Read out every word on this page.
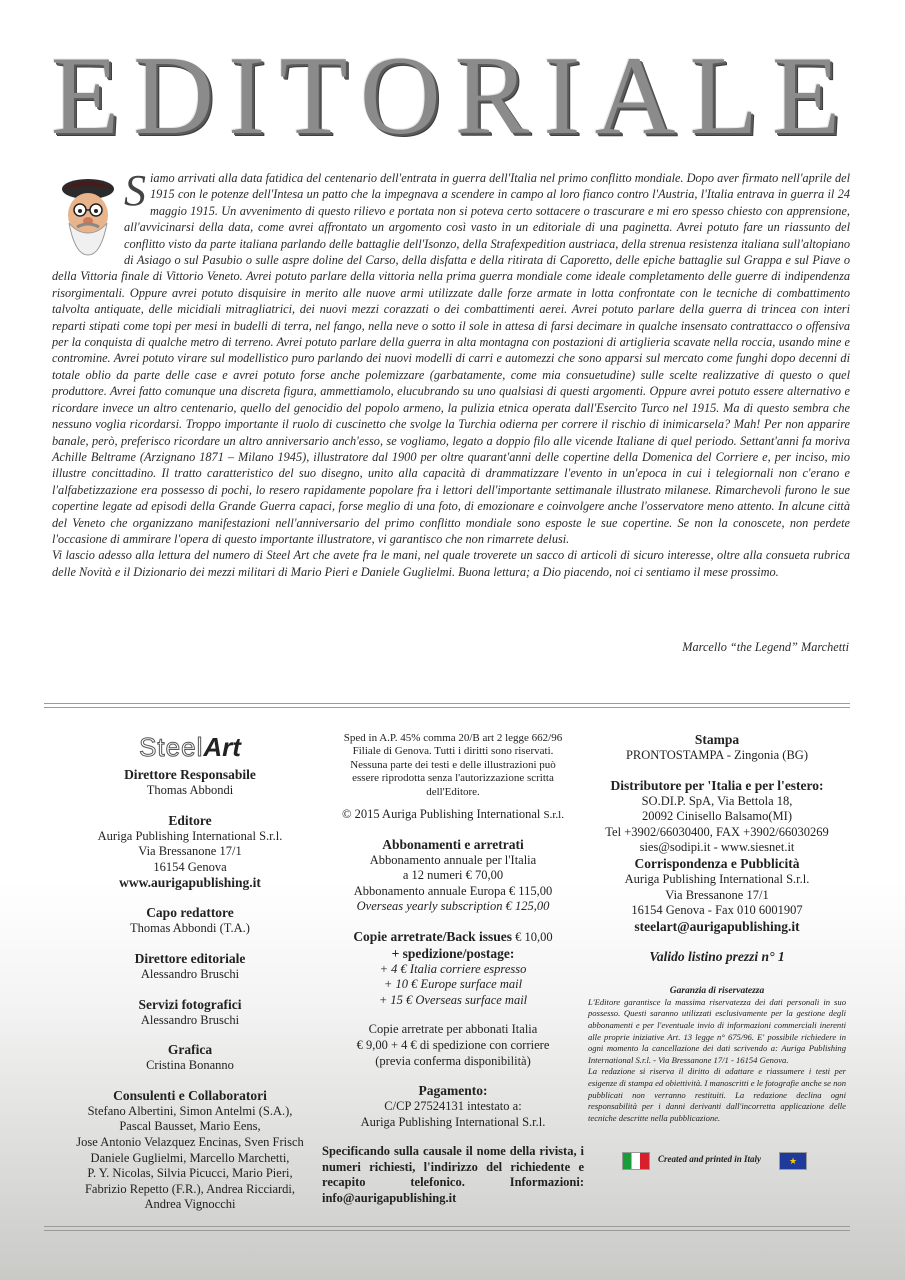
EDITORIALE
S iamo arrivati alla data fatidica del centenario dell'entrata in guerra dell'Italia nel primo conflitto mondiale. Dopo aver firmato nell'aprile del 1915 con le potenze dell'Intesa un patto che la impegnava a scendere in campo al loro fianco contro l'Austria, l'Italia entrava in guerra il 24 maggio 1915. Un avvenimento di questo rilievo e portata non si poteva certo sottacere o trascurare e mi ero spesso chiesto con apprensione, all'avvicinarsi della data, come avrei affrontato un argomento così vasto in un editoriale di una paginetta. Avrei potuto fare un riassunto del conflitto visto da parte italiana parlando delle battaglie dell'Isonzo, della Strafexpedition austriaca, della strenua resistenza italiana sull'altopiano di Asiago o sul Pasubio o sulle aspre doline del Carso, della disfatta e della ritirata di Caporetto, delle epiche battaglie sul Grappa e sul Piave o della Vittoria finale di Vittorio Veneto. Avrei potuto parlare della vittoria nella prima guerra mondiale come ideale completamento delle guerre di indipendenza risorgimentali. Oppure avrei potuto disquisire in merito alle nuove armi utilizzate dalle forze armate in lotta confrontate con le tecniche di combattimento talvolta antiquate, delle micidiali mitragliatrici, dei nuovi mezzi corazzati o dei combattimenti aerei. Avrei potuto parlare della guerra di trincea con interi reparti stipati come topi per mesi in budelli di terra, nel fango, nella neve o sotto il sole in attesa di farsi decimare in qualche insensato contrattacco o offensiva per la conquista di qualche metro di terreno. Avrei potuto parlare della guerra in alta montagna con postazioni di artiglieria scavate nella roccia, usando mine e contromine. Avrei potuto virare sul modellistico puro parlando dei nuovi modelli di carri e automezzi che sono apparsi sul mercato come funghi dopo decenni di totale oblio da parte delle case e avrei potuto forse anche polemizzare (garbatamente, come mia consuetudine) sulle scelte realizzative di questo o quel produttore. Avrei fatto comunque una discreta figura, ammettiamolo, elucubrando su uno qualsiasi di questi argomenti. Oppure avrei potuto essere alternativo e ricordare invece un altro centenario, quello del genocidio del popolo armeno, la pulizia etnica operata dall'Esercito Turco nel 1915. Ma di questo sembra che nessuno voglia ricordarsi. Troppo importante il ruolo di cuscinetto che svolge la Turchia odierna per correre il rischio di inimicarsela? Mah! Per non apparire banale, però, preferisco ricordare un altro anniversario anch'esso, se vogliamo, legato a doppio filo alle vicende Italiane di quel periodo. Settant'anni fa moriva Achille Beltrame (Arzignano 1871 – Milano 1945), illustratore dal 1900 per oltre quarant'anni delle copertine della Domenica del Corriere e, per inciso, mio illustre concittadino. Il tratto caratteristico del suo disegno, unito alla capacità di drammatizzare l'evento in un'epoca in cui i telegiornali non c'erano e l'alfabetizzazione era possesso di pochi, lo resero rapidamente popolare fra i lettori dell'importante settimanale illustrato milanese. Rimarchevoli furono le sue copertine legate ad episodi della Grande Guerra capaci, forse meglio di una foto, di emozionare e coinvolgere anche l'osservatore meno attento. In alcune città del Veneto che organizzano manifestazioni nell'anniversario del primo conflitto mondiale sono esposte le sue copertine. Se non la conoscete, non perdete l'occasione di ammirare l'opera di questo importante illustratore, vi garantisco che non rimarrete delusi.

Vi lascio adesso alla lettura del numero di Steel Art che avete fra le mani, nel quale troverete un sacco di articoli di sicuro interesse, oltre alla consueta rubrica delle Novità e il Dizionario dei mezzi militari di Mario Pieri e Daniele Guglielmi. Buona lettura; a Dio piacendo, noi ci sentiamo il mese prossimo.

Marcello “the Legend” Marchetti
SteelArt
Direttore Responsabile
Thomas Abbondi
Editore
Auriga Publishing International S.r.l.
Via Bressanone 17/1
16154 Genova
www.aurigapublishing.it
Capo redattore
Thomas Abbondi (T.A.)
Direttore editoriale
Alessandro Bruschi
Servizi fotografici
Alessandro Bruschi
Grafica
Cristina Bonanno
Consulenti e Collaboratori
Stefano Albertini, Simon Antelmi (S.A.),
Pascal Bausset, Mario Eens,
Jose Antonio Velazquez Encinas, Sven Frisch
Daniele Guglielmi, Marcello Marchetti,
P. Y. Nicolas, Silvia Picucci, Mario Pieri,
Fabrizio Repetto (F.R.), Andrea Ricciardi,
Andrea Vignocchi
Sped in A.P. 45% comma 20/B art 2 legge 662/96
Filiale di Genova. Tutti i diritti sono riservati.
Nessuna parte dei testi e delle illustrazioni può
essere riprodotta senza l'autorizzazione scritta
dell'Editore.
© 2015 Auriga Publishing International S.r.l.
Abbonamenti e arretrati
Abbonamento annuale per l'Italia
a 12 numeri € 70,00
Abbonamento annuale Europa € 115,00
Overseas yearly subscription € 125,00
Copie arretrate/Back issues € 10,00
+ spedizione/postage:
+ 4 € Italia corriere espresso
+ 10 € Europe surface mail
+ 15 € Overseas surface mail
Copie arretrate per abbonati Italia
€ 9,00 + 4 € di spedizione con corriere
(previa conferma disponibilità)
Pagamento:
C/CP 27524131 intestato a:
Auriga Publishing International S.r.l.
Specificando sulla causale il nome della rivista, i numeri richiesti, l'indirizzo del richiedente e recapito telefonico. Informazioni: info@aurigapublishing.it
Stampa
PRONTOSTAMPA - Zingonia (BG)
Distributore per 'Italia e per l'estero:
SO.DI.P. SpA, Via Bettola 18,
20092 Cinisello Balsamo(MI)
Tel +3902/66030400, FAX +3902/66030269
sies@sodipi.it - www.siesnet.it
Corrispondenza e Pubblicità
Auriga Publishing International S.r.l.
Via Bressanone 17/1
16154 Genova - Fax 010 6001907
steelart@aurigapublishing.it
Valido listino prezzi n° 1
Garanzia di riservatezza
L'Editore garantisce la massima riservatezza dei dati personali in suo possesso. Questi saranno utilizzati esclusivamente per la gestione degli abbonamenti e per l'eventuale invio di informazioni commerciali inerenti alle proprie iniziative Art. 13 legge n° 675/96. E' possibile richiedere in ogni momento la cancellazione dei dati scrivendo a: Auriga Publishing International S.r.l. - Via Bressanone 17/1 - 16154 Genova.
La redazione si riserva il diritto di adattare e riassumere i testi per esigenze di stampa ed obiettività. I manoscritti e le fotografie anche se non pubblicati non verranno restituiti. La redazione declina ogni responsabilità per i danni derivanti dall'incorretta applicazione delle tecniche descritte nella pubblicazione.
Created and printed in Italy	★
